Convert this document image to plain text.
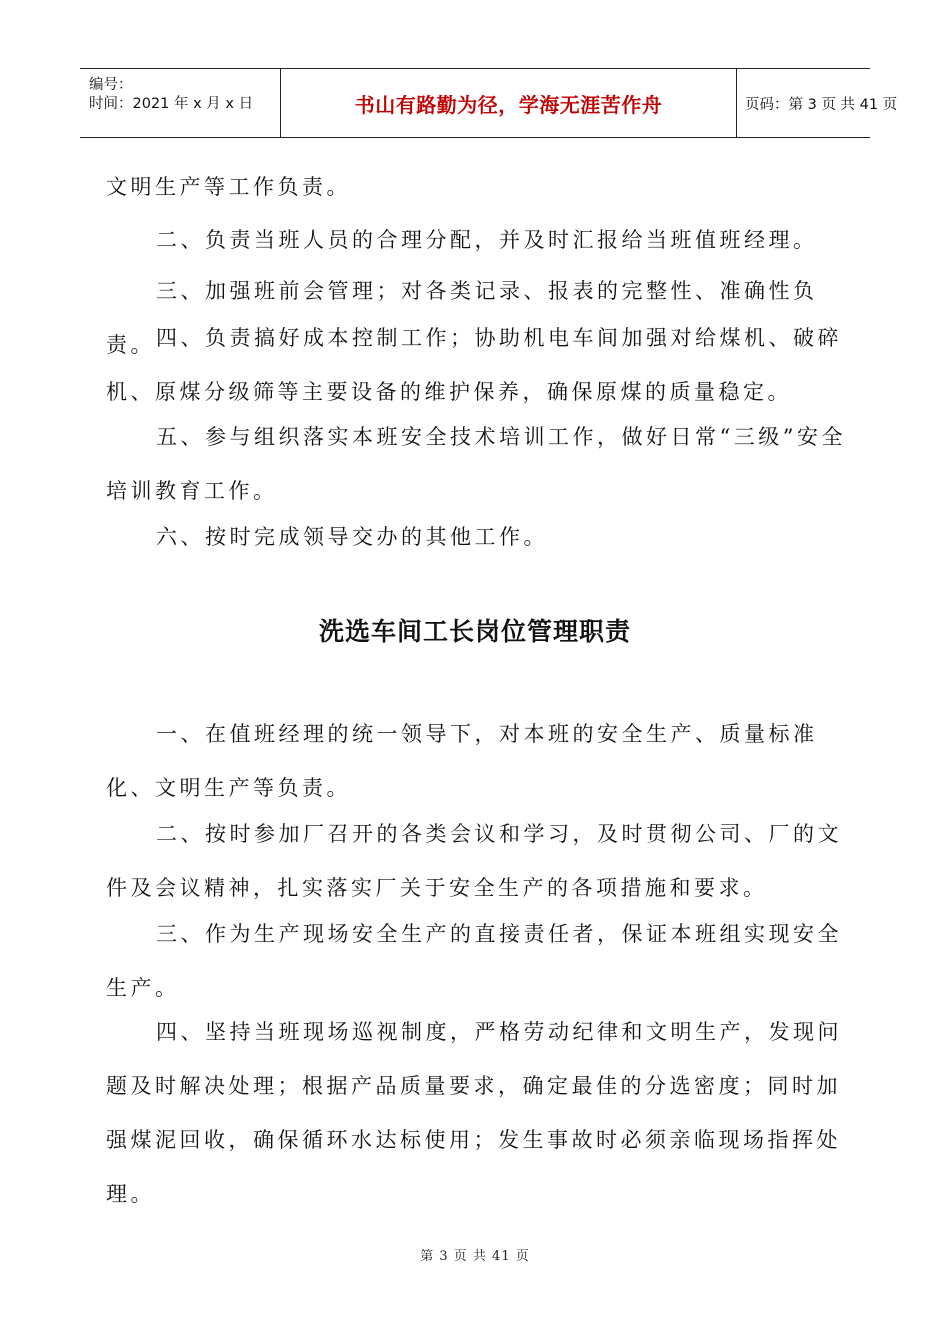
编号：
时间：2021 年 x 月 x 日	书山有路勤为径，学海无涯苦作舟	页码：第 3 页 共 41 页

文明生产等工作负责。

二、负责当班人员的合理分配，并及时汇报给当班值班经理。

三、加强班前会管理；对各类记录、报表的完整性、准确性负责。 四、负责搞好成本控制工作；协助机电车间加强对给煤机、破碎机、原煤分级筛等主要设备的维护保养，确保原煤的质量稳定。

五、参与组织落实本班安全技术培训工作，做好日常“三级”安全培训教育工作。

六、按时完成领导交办的其他工作。

洗选车间工长岗位管理职责

一、在值班经理的统一领导下，对本班的安全生产、质量标准化、文明生产等负责。

二、按时参加厂召开的各类会议和学习，及时贯彻公司、厂的文件及会议精神，扎实落实厂关于安全生产的各项措施和要求。

三、作为生产现场安全生产的直接责任者，保证本班组实现安全生产。

四、坚持当班现场巡视制度，严格劳动纪律和文明生产，发现问题及时解决处理；根据产品质量要求，确定最佳的分选密度；同时加强煤泥回收，确保循环水达标使用；发生事故时必须亲临现场指挥处理。

第 3 页 共 41 页
